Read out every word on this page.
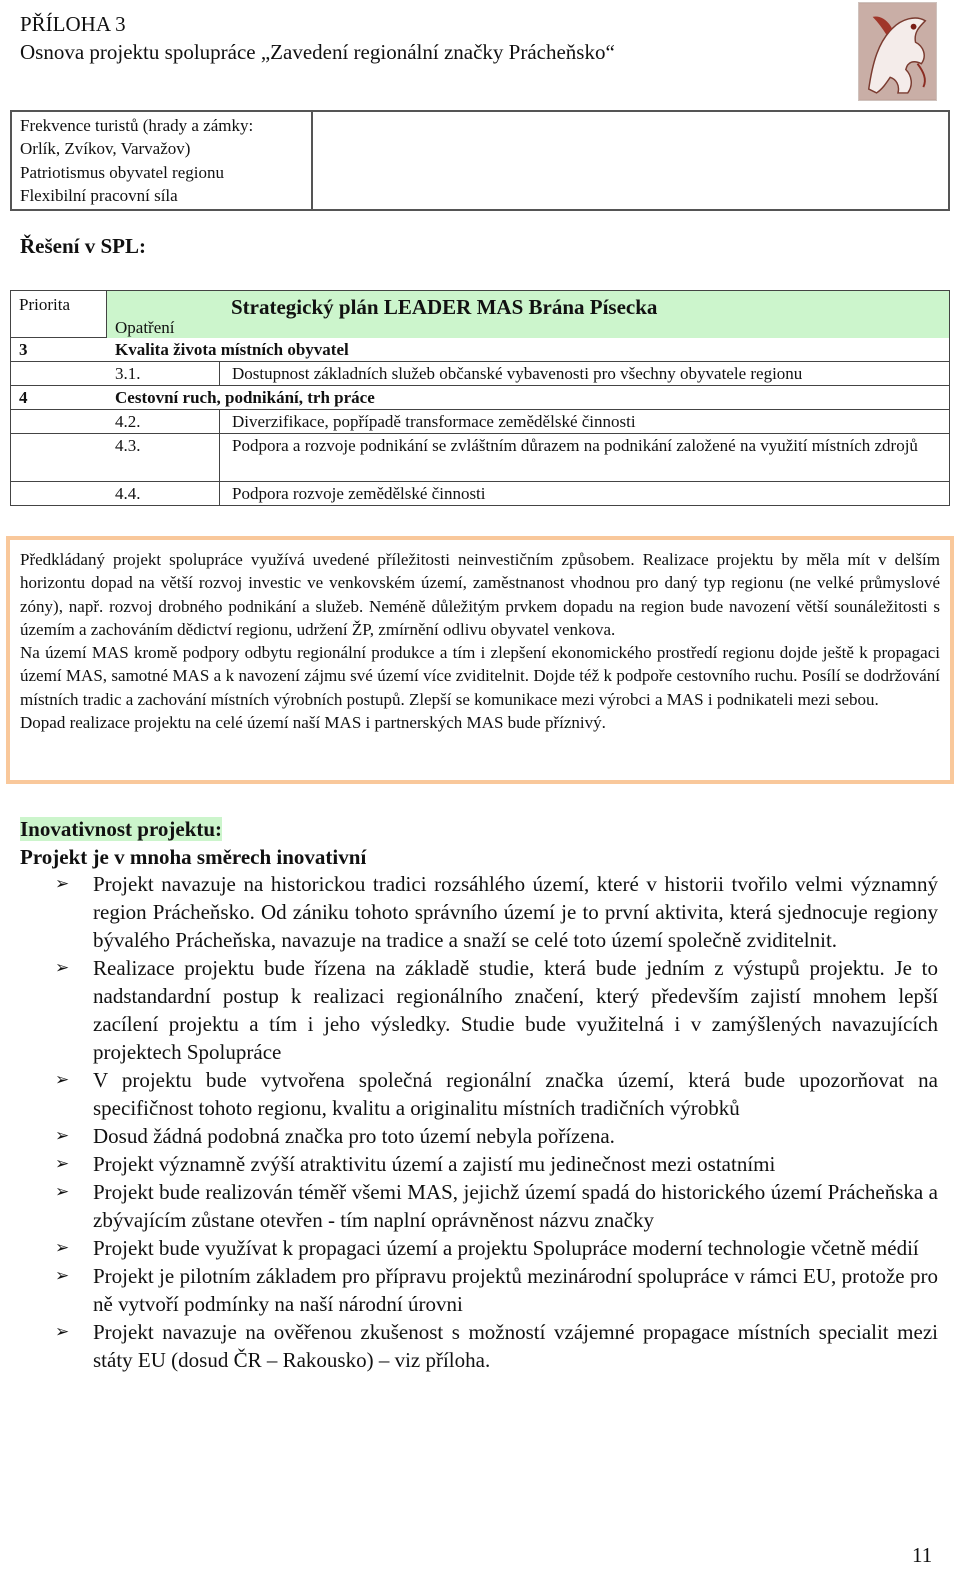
PŘÍLOHA 3
Osnova projektu spolupráce „Zavedení regionální značky Prácheňsko“
Frekvence turistů (hrady a zámky:
Orlík, Zvíkov, Varvažov)
Patriotismus obyvatel regionu
Flexibilní pracovní síla

Řešení v SPL:
Priorita	Strategický plán LEADER MAS Brána Písecka
Opatření
3	Kvalita života místních obyvatel
3.1.	Dostupnost základních služeb občanské vybavenosti pro všechny obyvatele regionu
4	Cestovní ruch, podnikání, trh práce
4.2.	Diverzifikace, popřípadě transformace zemědělské činnosti
4.3.	Podpora a rozvoje podnikání se zvláštním důrazem na podnikání založené na využití místních zdrojů
4.4.	Podpora rozvoje zemědělské činnosti

Předkládaný projekt spolupráce využívá uvedené příležitosti neinvestičním způsobem. Realizace projektu by měla mít v delším horizontu dopad na větší rozvoj investic ve venkovském území, zaměstnanost vhodnou pro daný typ regionu (ne velké průmyslové zóny), např. rozvoj drobného podnikání a služeb. Neméně důležitým prvkem dopadu na region bude navození větší sounáležitosti s územím a zachováním dědictví regionu, udržení ŽP, zmírnění odlivu obyvatel venkova.

Na území MAS kromě podpory odbytu regionální produkce a tím i zlepšení ekonomického prostředí regionu dojde ještě k propagaci území MAS, samotné MAS a k navození zájmu své území více zviditelnit. Dojde též k podpoře cestovního ruchu. Posílí se dodržování místních tradic a zachování místních výrobních postupů. Zlepší se komunikace mezi výrobci a MAS i podnikateli mezi sebou.

Dopad realizace projektu na celé území naší MAS i partnerských MAS bude příznivý.

Inovativnost projektu:
Projekt je v mnoha směrech inovativní
➢ Projekt navazuje na historickou tradici rozsáhlého území, které v historii tvořilo velmi významný region Prácheňsko. Od zániku tohoto správního území je to první aktivita, která sjednocuje regiony bývalého Prácheňska, navazuje na tradice a snaží se celé toto území společně zviditelnit.
➢ Realizace projektu bude řízena na základě studie, která bude jedním z výstupů projektu. Je to nadstandardní postup k realizaci regionálního značení, který především zajistí mnohem lepší zacílení projektu a tím i jeho výsledky. Studie bude využitelná i v zamýšlených navazujících projektech Spolupráce
➢ V projektu bude vytvořena společná regionální značka území, která bude upozorňovat na specifičnost tohoto regionu, kvalitu a originalitu místních tradičních výrobků
➢ Dosud žádná podobná značka pro toto území nebyla pořízena.
➢ Projekt významně zvýší atraktivitu území a zajistí mu jedinečnost mezi ostatními
➢ Projekt bude realizován téměř všemi MAS, jejichž území spadá do historického území Prácheňska a zbývajícím zůstane otevřen - tím naplní oprávněnost názvu značky
➢ Projekt bude využívat k propagaci území a projektu Spolupráce moderní technologie včetně médií
➢ Projekt je pilotním základem pro přípravu projektů mezinárodní spolupráce v rámci EU, protože pro ně vytvoří podmínky na naší národní úrovni
➢ Projekt navazuje na ověřenou zkušenost s možností vzájemné propagace místních specialit mezi státy EU (dosud ČR – Rakousko) – viz příloha.
11
